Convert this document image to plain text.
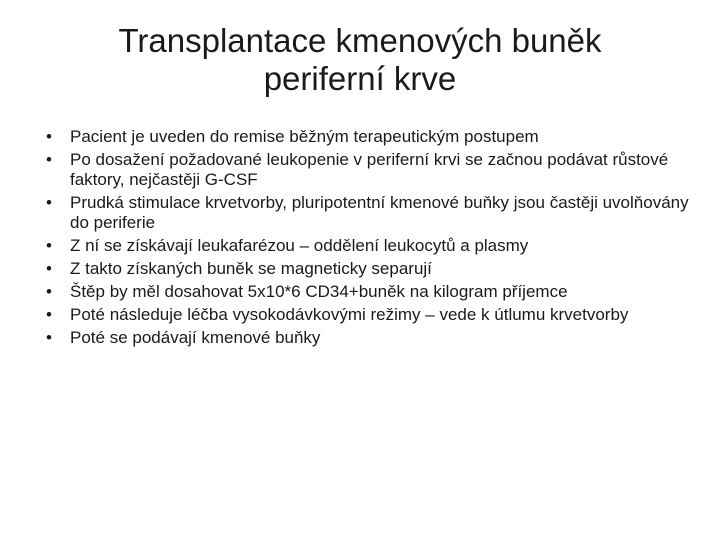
Transplantace kmenových buněk
periferní krve
• Pacient je uveden do remise běžným terapeutickým postupem
• Po dosažení požadované leukopenie v periferní krvi se začnou podávat růstové faktory, nejčastěji G-CSF
• Prudká stimulace krvetvorby, pluripotentní kmenové buňky jsou častěji uvolňovány do periferie
• Z ní se získávají leukafarézou – oddělení leukocytů a plasmy
• Z takto získaných buněk se magneticky separují
• Štěp by měl dosahovat 5x10*6 CD34+buněk na kilogram příjemce
• Poté následuje léčba vysokodávkovými režimy – vede k útlumu krvetvorby
• Poté se podávají kmenové buňky
